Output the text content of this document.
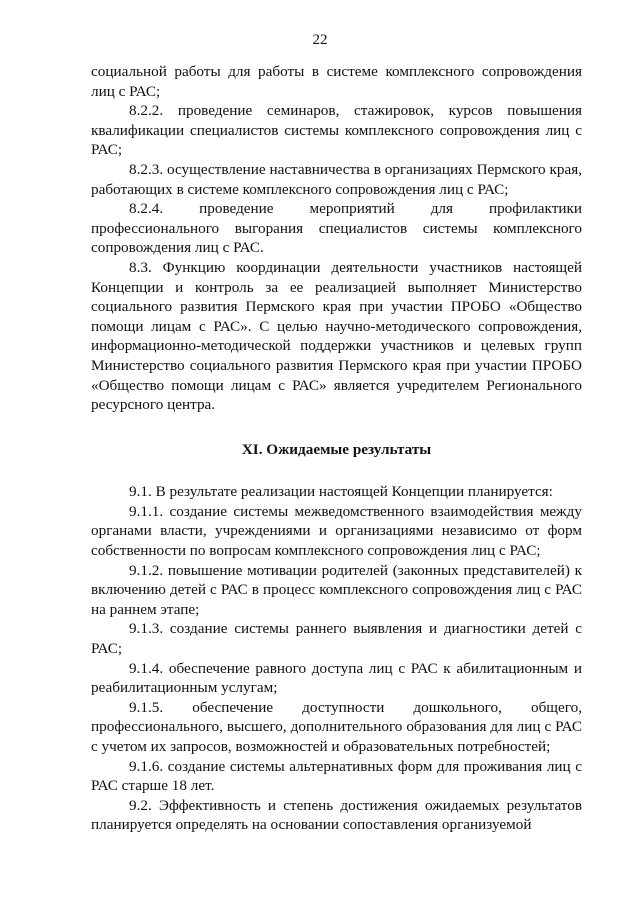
22

социальной работы для работы в системе комплексного сопровождения лиц с РАС;

8.2.2. проведение семинаров, стажировок, курсов повышения квалификации специалистов системы комплексного сопровождения лиц с РАС;

8.2.3. осуществление наставничества в организациях Пермского края, работающих в системе комплексного сопровождения лиц с РАС;

8.2.4. проведение мероприятий для профилактики профессионального выгорания специалистов системы комплексного сопровождения лиц с РАС.

8.3. Функцию координации деятельности участников настоящей Концепции и контроль за ее реализацией выполняет Министерство социального развития Пермского края при участии ПРОБО «Общество помощи лицам с РАС». С целью научно-методического сопровождения, информационно-методической поддержки участников и целевых групп Министерство социального развития Пермского края при участии ПРОБО «Общество помощи лицам с РАС» является учредителем Регионального ресурсного центра.

XI. Ожидаемые результаты

9.1. В результате реализации настоящей Концепции планируется:

9.1.1. создание системы межведомственного взаимодействия между органами власти, учреждениями и организациями независимо от форм собственности по вопросам комплексного сопровождения лиц с РАС;

9.1.2. повышение мотивации родителей (законных представителей) к включению детей с РАС в процесс комплексного сопровождения лиц с РАС на раннем этапе;

9.1.3. создание системы раннего выявления и диагностики детей с РАС;

9.1.4. обеспечение равного доступа лиц с РАС к абилитационным и реабилитационным услугам;

9.1.5. обеспечение доступности дошкольного, общего, профессионального, высшего, дополнительного образования для лиц с РАС с учетом их запросов, возможностей и образовательных потребностей;

9.1.6. создание системы альтернативных форм для проживания лиц с РАС старше 18 лет.

9.2. Эффективность и степень достижения ожидаемых результатов планируется определять на основании сопоставления организуемой
